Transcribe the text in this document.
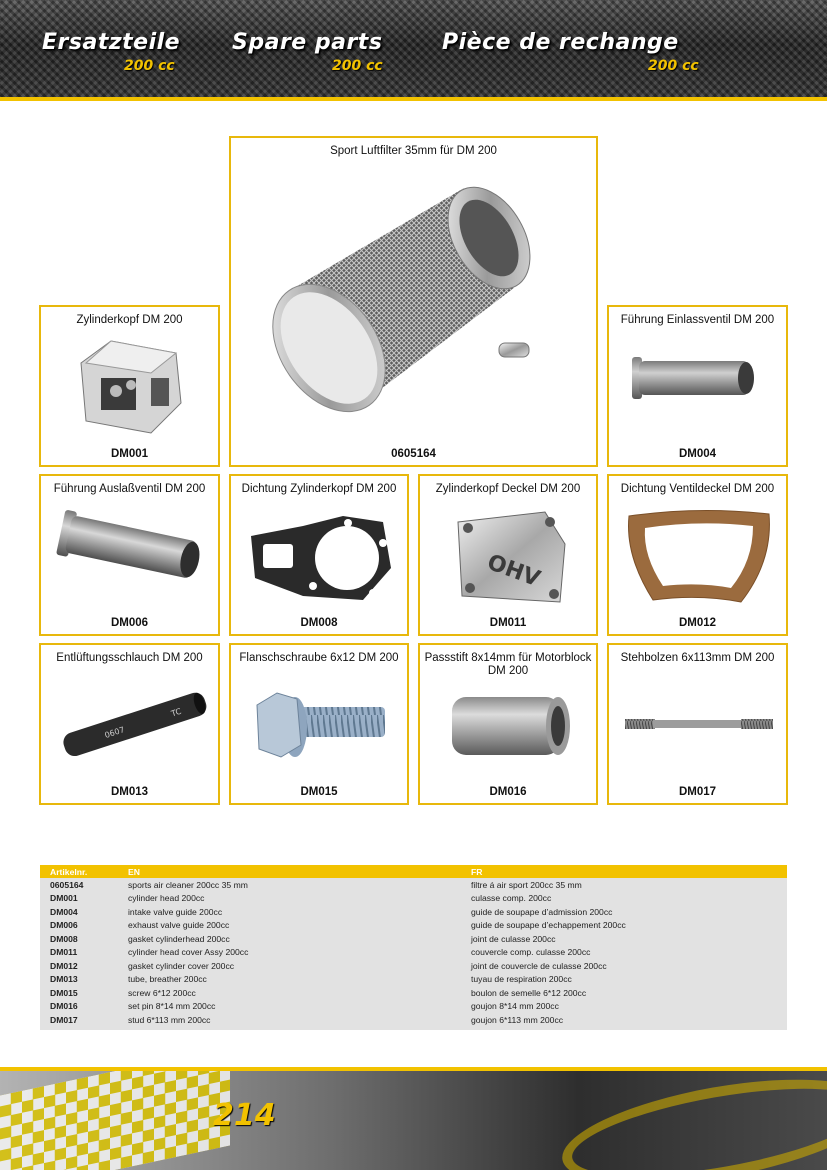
Ersatzteile
200 cc
Spare parts
200 cc
Pièce de rechange
200 cc
Sport Luftfilter 35mm für DM 200
0605164
Zylinderkopf DM 200
DM001
Führung Einlassventil DM 200
DM004
Führung Auslaßventil DM 200
DM006
Dichtung Zylinderkopf DM 200
DM008
Zylinderkopf Deckel DM 200
OHV
DM011
Dichtung Ventildeckel DM 200
DM012
Entlüftungsschlauch DM 200
0607
TC
DM013
Flanschschraube 6x12 DM 200
DM015
Passstift 8x14mm für Motorblock DM 200
DM016
Stehbolzen 6x113mm DM 200
DM017
Artikelnr.	EN	FR
0605164	sports air cleaner 200cc 35 mm	filtre á air sport 200cc 35 mm
DM001	cylinder head 200cc	culasse comp. 200cc
DM004	intake valve guide 200cc	guide de soupape d’admission 200cc
DM006	exhaust valve guide 200cc	guide de soupape d’echappement 200cc
DM008	gasket cylinderhead 200cc	joint de culasse 200cc
DM011	cylinder head cover Assy 200cc	couvercle comp. culasse 200cc
DM012	gasket cylinder cover 200cc	joint de couvercle de culasse 200cc
DM013	tube, breather 200cc	tuyau de respiration 200cc
DM015	screw 6*12 200cc	boulon de semelle 6*12 200cc
DM016	set pin 8*14 mm 200cc	goujon 8*14 mm 200cc
DM017	stud 6*113 mm 200cc	goujon 6*113 mm 200cc
214
